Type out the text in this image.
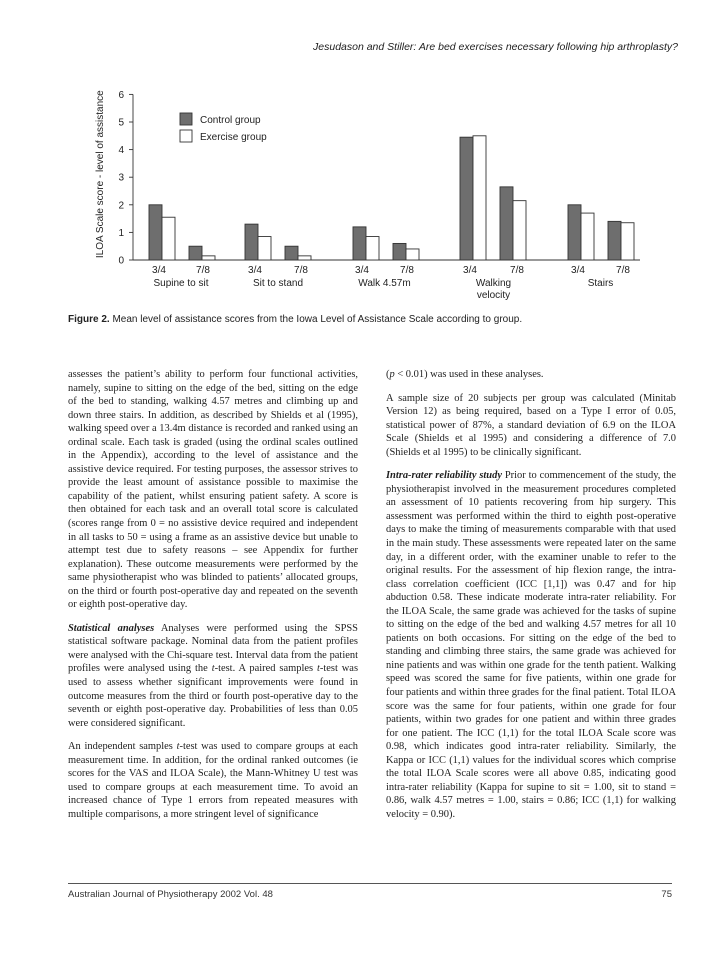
Jesudason and Stiller: Are bed exercises necessary following hip arthroplasty?
0
1
2
3
4
5
6
ILOA Scale score - level of assistance
3/4	7/8
Supine to sit
3/4	7/8
Sit to stand
3/4	7/8
Walk 4.57m
3/4	7/8
Walking
velocity
3/4	7/8
Stairs
Control group
Exercise group
Figure 2. Mean level of assistance scores from the Iowa Level of Assistance Scale according to group.

assesses the patient’s ability to perform four functional activities, namely, supine to sitting on the edge of the bed, sitting on the edge of the bed to standing, walking 4.57 metres and climbing up and down three stairs. In addition, as described by Shields et al (1995), walking speed over a 13.4m distance is recorded and ranked using an ordinal scale. Each task is graded (using the ordinal scales outlined in the Appendix), according to the level of assistance and the assistive device required. For testing purposes, the assessor strives to provide the least amount of assistance possible to maximise the capability of the patient, whilst ensuring patient safety. A score is then obtained for each task and an overall total score is calculated (scores range from 0 = no assistive device required and independent in all tasks to 50 = using a frame as an assistive device but unable to attempt test due to safety reasons – see Appendix for further explanation). These outcome measurements were performed by the same physiotherapist who was blinded to patients’ allocated groups, on the third or fourth post-operative day and repeated on the seventh or eighth post-operative day.

Statistical analyses Analyses were performed using the SPSS statistical software package. Nominal data from the patient profiles were analysed with the Chi-square test. Interval data from the patient profiles were analysed using the t-test. A paired samples t-test was used to assess whether significant improvements were found in outcome measures from the third or fourth post-operative day to the seventh or eighth post-operative day. Probabilities of less than 0.05 were considered significant.

An independent samples t-test was used to compare groups at each measurement time. In addition, for the ordinal ranked outcomes (ie scores for the VAS and ILOA Scale), the Mann-Whitney U test was used to compare groups at each measurement time. To avoid an increased chance of Type 1 errors from repeated measures with multiple comparisons, a more stringent level of significance

(p < 0.01) was used in these analyses.

A sample size of 20 subjects per group was calculated (Minitab Version 12) as being required, based on a Type I error of 0.05, statistical power of 87%, a standard deviation of 6.9 on the ILOA Scale (Shields et al 1995) and considering a difference of 7.0 (Shields et al 1995) to be clinically significant.

Intra-rater reliability study Prior to commencement of the study, the physiotherapist involved in the measurement procedures completed an assessment of 10 patients recovering from hip surgery. This assessment was performed within the third to eighth post-operative days to make the timing of measurements comparable with that used in the main study. These assessments were repeated later on the same day, in a different order, with the examiner unable to refer to the original results. For the assessment of hip flexion range, the intra-class correlation coefficient (ICC [1,1]) was 0.47 and for hip abduction 0.58. These indicate moderate intra-rater reliability. For the ILOA Scale, the same grade was achieved for the tasks of supine to sitting on the edge of the bed and walking 4.57 metres for all 10 patients on both occasions. For sitting on the edge of the bed to standing and climbing three stairs, the same grade was achieved for nine patients and was within one grade for the tenth patient. Walking speed was scored the same for five patients, within one grade for four patients and within three grades for the final patient. Total ILOA score was the same for four patients, within one grade for four patients, within two grades for one patient and within three grades for one patient. The ICC (1,1) for the total ILOA Scale score was 0.98, which indicates good intra-rater reliability. Similarly, the Kappa or ICC (1,1) values for the individual scores which comprise the total ILOA Scale scores were all above 0.85, indicating good intra-rater reliability (Kappa for supine to sit = 1.00, sit to stand = 0.86, walk 4.57 metres = 1.00, stairs = 0.86; ICC (1,1) for walking velocity = 0.90).

Australian Journal of Physiotherapy 2002 Vol. 48	75
